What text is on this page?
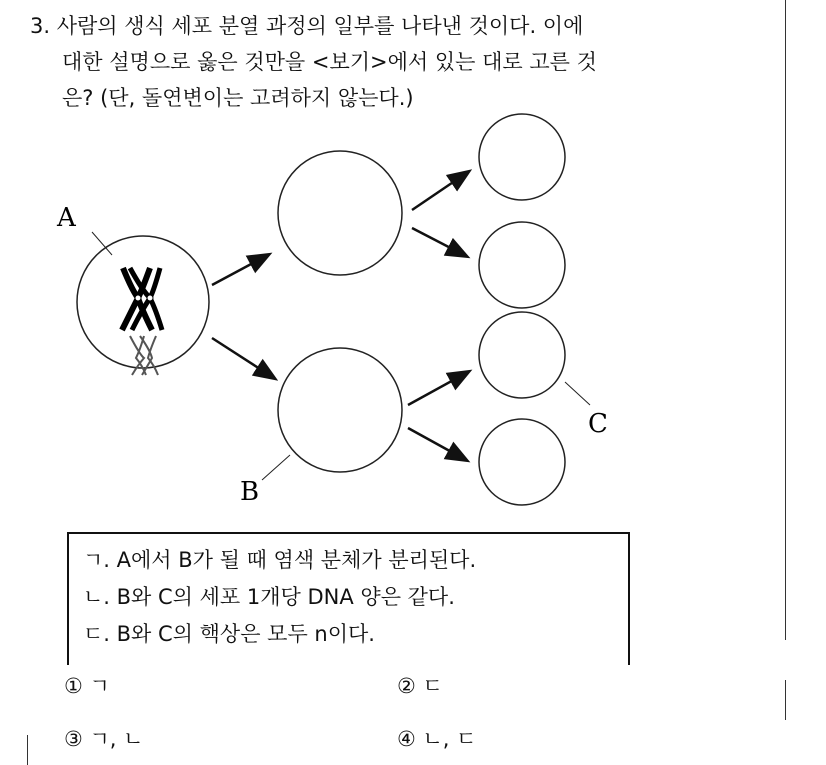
3. 사람의 생식 세포 분열 과정의 일부를 나타낸 것이다. 이에
대한 설명으로 옳은 것만을 <보기>에서 있는 대로 고른 것
은? (단, 돌연변이는 고려하지 않는다.)
A
B
C
ㄱ. A에서 B가 될 때 염색 분체가 분리된다.
ㄴ. B와 C의 세포 1개당 DNA 양은 같다.
ㄷ. B와 C의 핵상은 모두 n이다.
① ㄱ	② ㄷ
③ ㄱ, ㄴ	④ ㄴ, ㄷ
